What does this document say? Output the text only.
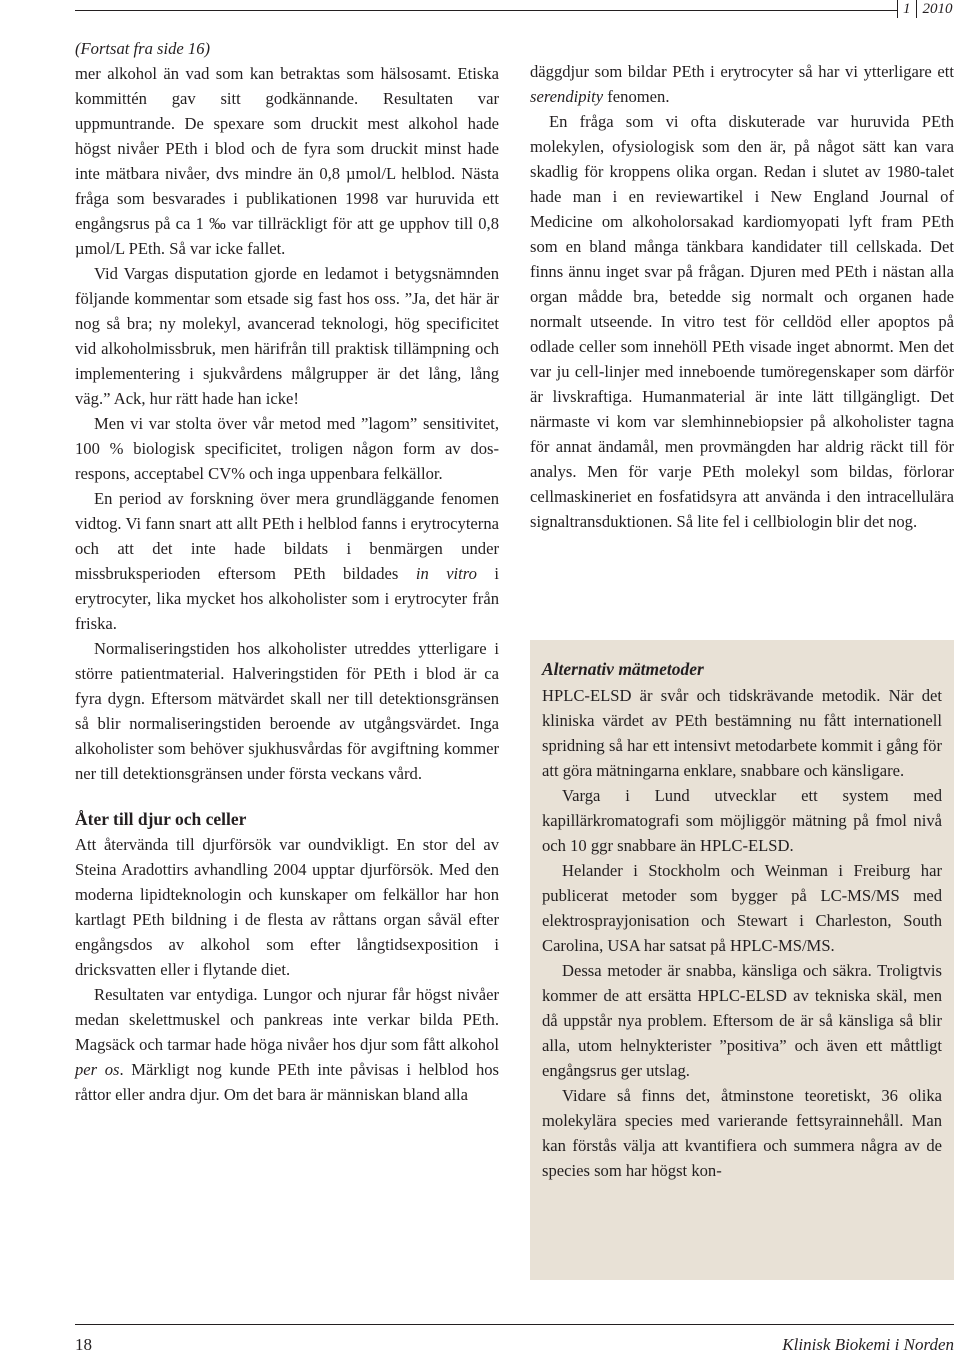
1 2010

(Fortsat fra side 16)

mer alkohol än vad som kan betraktas som hälsosamt. Etiska kommittén gav sitt godkännande. Resultaten var uppmuntrande. De spexare som druckit mest alkohol hade högst nivåer PEth i blod och de fyra som druckit minst hade inte mätbara nivåer, dvs mindre än 0,8 µmol/L helblod. Nästa fråga som besvarades i publikationen 1998 var huruvida ett engångsrus på ca 1 ‰ var tillräckligt för att ge upphov till 0,8 µmol/L PEth. Så var icke fallet.

Vid Vargas disputation gjorde en ledamot i betygsnämnden följande kommentar som etsade sig fast hos oss. ”Ja, det här är nog så bra; ny molekyl, avancerad teknologi, hög specificitet vid alkoholmissbruk, men härifrån till praktisk tillämpning och implementering i sjukvårdens målgrupper är det lång, lång väg.” Ack, hur rätt hade han icke!

Men vi var stolta över vår metod med ”lagom” sensitivitet, 100 % biologisk specificitet, troligen någon form av dos-respons, acceptabel CV% och inga uppenbara felkällor.

En period av forskning över mera grundläggande fenomen vidtog. Vi fann snart att allt PEth i helblod fanns i erytrocyterna och att det inte hade bildats i benmärgen under missbruksperioden eftersom PEth bildades in vitro i erytrocyter, lika mycket hos alkoholister som i erytrocyter från friska.

Normaliseringstiden hos alkoholister utreddes ytterligare i större patientmaterial. Halveringstiden för PEth i blod är ca fyra dygn. Eftersom mätvärdet skall ner till detektionsgränsen så blir normaliseringstiden beroende av utgångsvärdet. Inga alkoholister som behöver sjukhusvårdas för avgiftning kommer ner till detektionsgränsen under första veckans vård.

Åter till djur och celler

Att återvända till djurförsök var oundvikligt. En stor del av Steina Aradottirs avhandling 2004 upptar djurförsök. Med den moderna lipidteknologin och kunskaper om felkällor har hon kartlagt PEth bildning i de flesta av råttans organ såväl efter engångsdos av alkohol som efter långtidsexposition i dricksvatten eller i flytande diet.

Resultaten var entydiga. Lungor och njurar får högst nivåer medan skelettmuskel och pankreas inte verkar bilda PEth. Magsäck och tarmar hade höga nivåer hos djur som fått alkohol per os. Märkligt nog kunde PEth inte påvisas i helblod hos råttor eller andra djur. Om det bara är människan bland alla

däggdjur som bildar PEth i erytrocyter så har vi ytterligare ett serendipity fenomen.

En fråga som vi ofta diskuterade var huruvida PEth molekylen, ofysiologisk som den är, på något sätt kan vara skadlig för kroppens olika organ. Redan i slutet av 1980-talet hade man i en reviewartikel i New England Journal of Medicine om alkoholorsakad kardiomyopati lyft fram PEth som en bland många tänkbara kandidater till cellskada. Det finns ännu inget svar på frågan. Djuren med PEth i nästan alla organ mådde bra, betedde sig normalt och organen hade normalt utseende. In vitro test för celldöd eller apoptos på odlade celler som innehöll PEth visade inget abnormt. Men det var ju cell-linjer med inneboende tumöregenskaper som därför är livskraftiga. Humanmaterial är inte lätt tillgängligt. Det närmaste vi kom var slemhinnebiopsier på alkoholister tagna för annat ändamål, men provmängden har aldrig räckt till för analys. Men för varje PEth molekyl som bildas, förlorar cellmaskineriet en fosfatidsyra att använda i den intracellulära signaltransduktionen. Så lite fel i cellbiologin blir det nog.

Alternativ mätmetoder

HPLC-ELSD är svår och tidskrävande metodik. När det kliniska värdet av PEth bestämning nu fått internationell spridning så har ett intensivt metodarbete kommit i gång för att göra mätningarna enklare, snabbare och känsligare.

Varga i Lund utvecklar ett system med kapillärkromatografi som möjliggör mätning på fmol nivå och 10 ggr snabbare än HPLC-ELSD.

Helander i Stockholm och Weinman i Freiburg har publicerat metoder som bygger på LC-MS/MS med elektrosprayjonisation och Stewart i Charleston, South Carolina, USA har satsat på HPLC-MS/MS.

Dessa metoder är snabba, känsliga och säkra. Troligtvis kommer de att ersätta HPLC-ELSD av tekniska skäl, men då uppstår nya problem. Eftersom de är så känsliga så blir alla, utom helnykterister ”positiva” och även ett måttligt engångsrus ger utslag.

Vidare så finns det, åtminstone teoretiskt, 36 olika molekylära species med varierande fettsyrainnehåll. Man kan förstås välja att kvantifiera och summera några av de species som har högst kon-

18	Klinisk Biokemi i Norden
